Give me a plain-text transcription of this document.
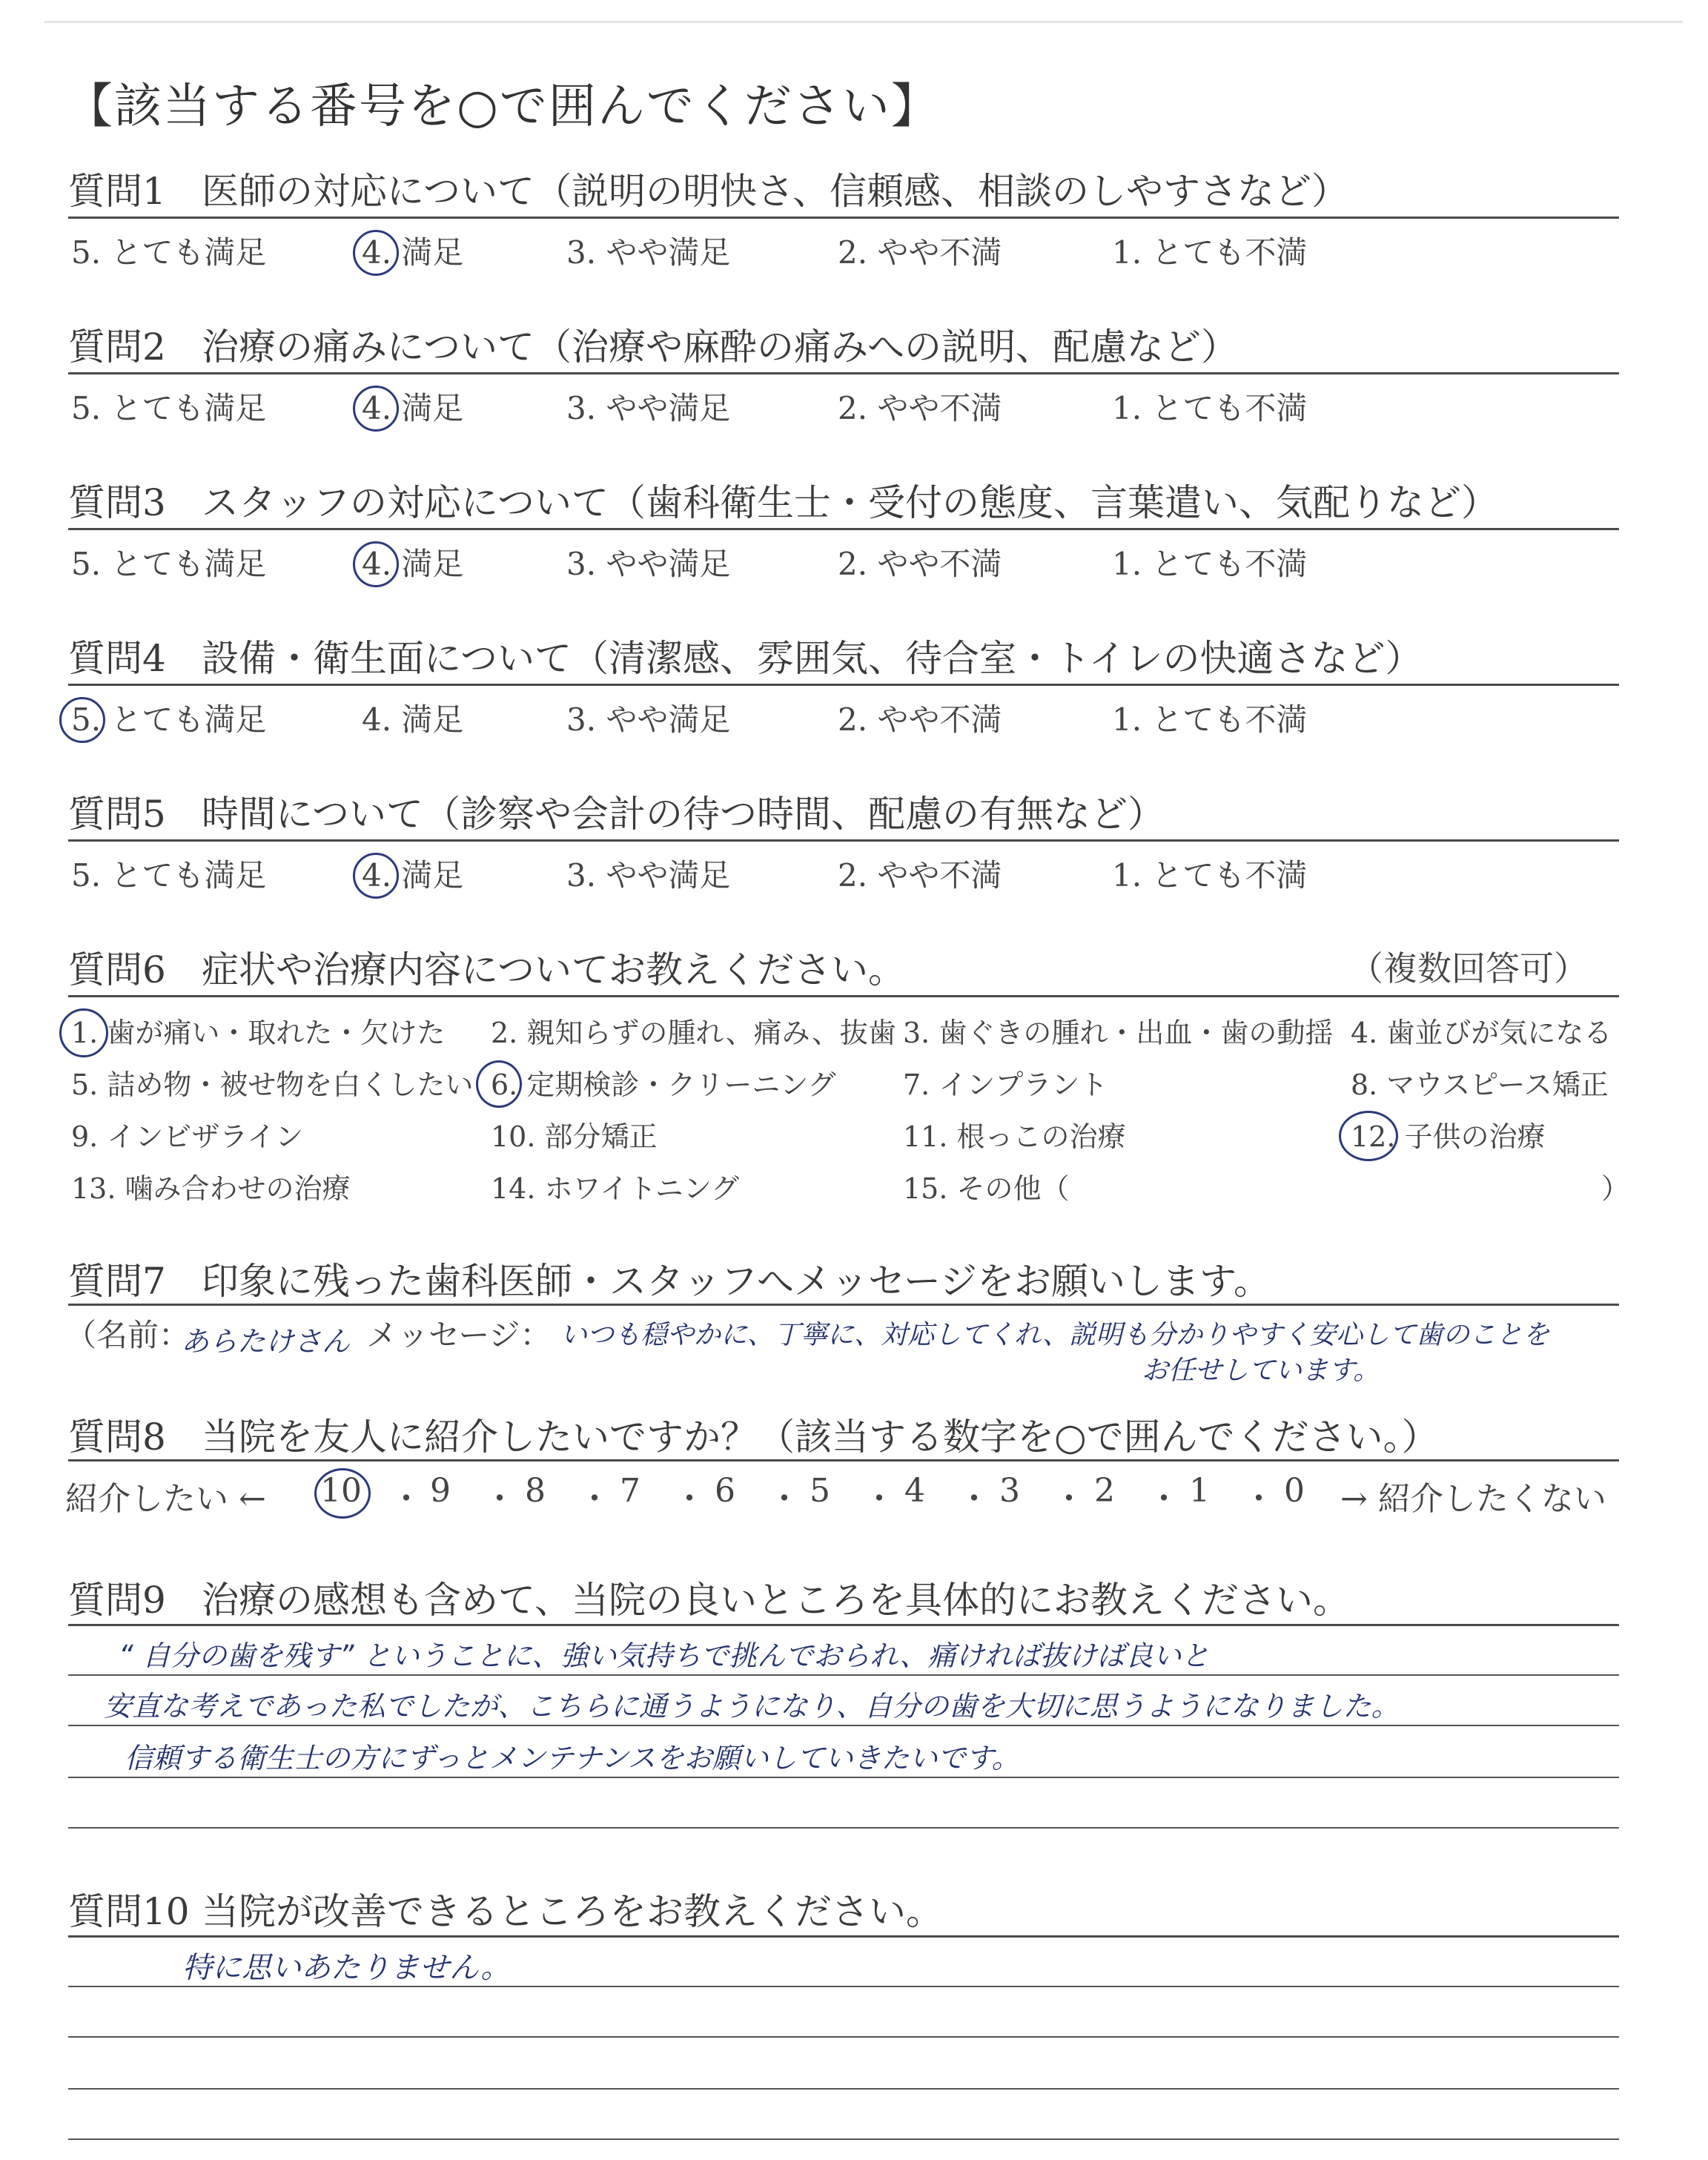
【該当する番号を○で囲んでください】
質問1 医師の対応について（説明の明快さ、信頼感、相談のしやすさなど）
5. とても満足	4. 満足	3. やや満足	2. やや不満	1. とても不満
質問2 治療の痛みについて（治療や麻酔の痛みへの説明、配慮など）
5. とても満足	4. 満足	3. やや満足	2. やや不満	1. とても不満
質問3 スタッフの対応について（歯科衛生士・受付の態度、言葉遣い、気配りなど）
5. とても満足	4. 満足	3. やや満足	2. やや不満	1. とても不満
質問4 設備・衛生面について（清潔感、雰囲気、待合室・トイレの快適さなど）
5. とても満足	4. 満足	3. やや満足	2. やや不満	1. とても不満
質問5 時間について（診察や会計の待つ時間、配慮の有無など）
5. とても満足	4. 満足	3. やや満足	2. やや不満	1. とても不満
質問6 症状や治療内容についてお教えください。	（複数回答可）
1. 歯が痛い・取れた・欠けた 2. 親知らずの腫れ、痛み、抜歯 3. 歯ぐきの腫れ・出血・歯の動揺 4. 歯並びが気になる
5. 詰め物・被せ物を白くしたい 6. 定期検診・クリーニング 7. インプラント	8. マウスピース矯正
9. インビザライン	10. 部分矯正	11. 根っこの治療	12. 子供の治療
13. 噛み合わせの治療	14. ホワイトニング	15. その他（	）
質問7 印象に残った歯科医師・スタッフへメッセージをお願いします。
（名前：
あらたけさん メッセージ： いつも穏やかに、丁寧に、対応してくれ、説明も分かりやすく安心して歯のことを
お任せしています。
質問8 当院を友人に紹介したいですか？（該当する数字を○で囲んでください。）
紹介したい ← 10 ・ 9 ・ 8 ・ 7 ・ 6 ・ 5 ・ 4 ・ 3 ・ 2 ・ 1 ・ 0 → 紹介したくない
質問9 治療の感想も含めて、当院の良いところを具体的にお教えください。
“ 自分の歯を残す” ということに、強い気持ちで挑んでおられ、痛ければ抜けば良いと
安直な考えであった私でしたが、こちらに通うようになり、自分の歯を大切に思うようになりました。
信頼する衛生士の方にずっとメンテナンスをお願いしていきたいです。
質問10 当院が改善できるところをお教えください。
特に思いあたりません。
